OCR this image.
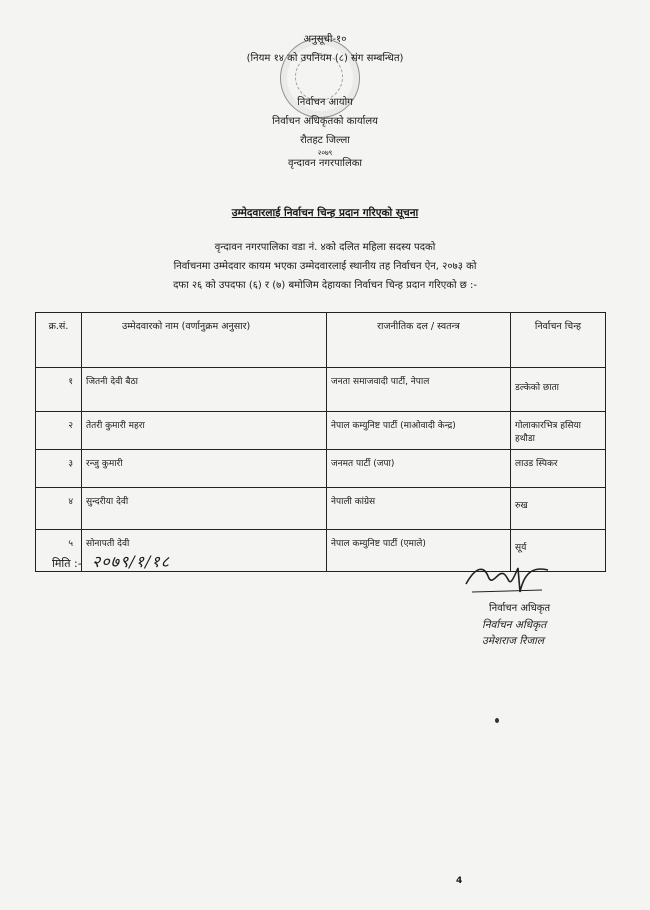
अनुसूची-१०
(नियम १४ को उपनियम (८) संग सम्बन्धित)
निर्वाचन आयोग
निर्वाचन अधिकृतको कार्यालय
रौतहट जिल्ला
२०७९
वृन्दावन नगरपालिका
उम्मेदवारलाई निर्वाचन चिन्ह प्रदान गरिएको सूचना
वृन्दावन नगरपालिका वडा नं. ४को दलित महिला सदस्य पदको
निर्वाचनमा उम्मेदवार कायम भएका उम्मेदवारलाई स्थानीय तह निर्वाचन ऐन, २०७३ को
दफा २६ को उपदफा (६) र (७) बमोजिम देहायका निर्वाचन चिन्ह प्रदान गरिएको छ :-
क्र.सं.	उम्मेदवारको नाम (वर्णानुक्रम अनुसार)	राजनीतिक दल / स्वतन्त्र	निर्वाचन चिन्ह
१	जितनी देवी बैठा	जनता समाजवादी पार्टी, नेपाल	डल्केको छाता
२	तेतरी कुमारी महरा	नेपाल कम्युनिष्ट पार्टी (माओवादी केन्द्र)	गोलाकारभित्र हसिया हथौडा
३	रन्जु कुमारी	जनमत पार्टी (जपा)	लाउड स्पिकर
४	सुन्दरीया देवी	नेपाली कांग्रेस	रुख
५	सोनापती देवी	नेपाल कम्युनिष्ट पार्टी (एमाले)	सूर्य
मिति :- २०७९/१/१८
निर्वाचन अधिकृत
निर्वाचन अधिकृत
उमेशराज रिजाल
4
